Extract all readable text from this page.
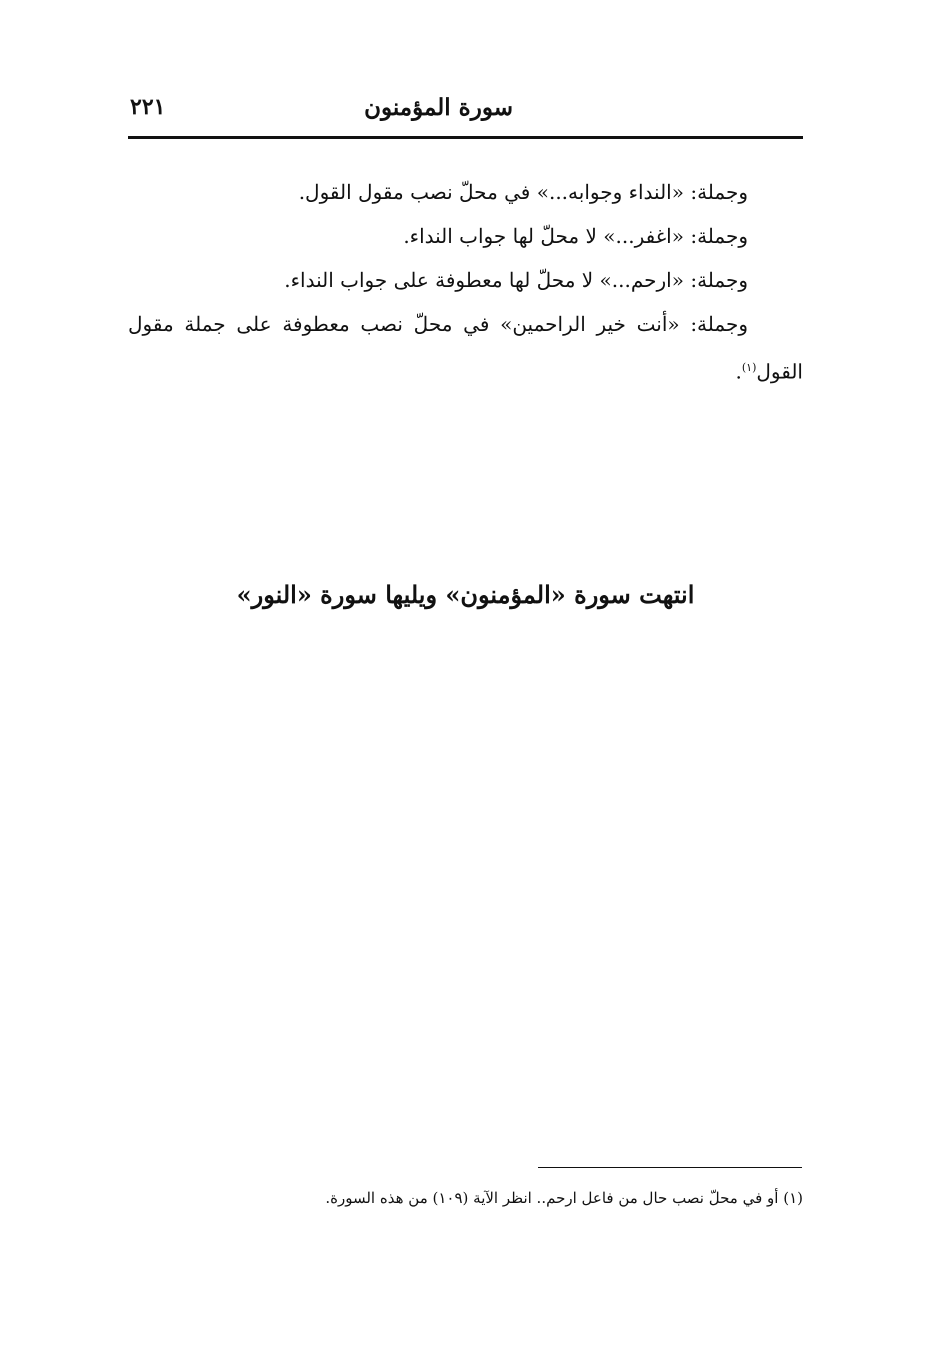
سورة المؤمنون
٢٢١
وجملة: «النداء وجوابه...» في محلّ نصب مقول القول.
وجملة: «اغفر...» لا محلّ لها جواب النداء.
وجملة: «ارحم...» لا محلّ لها معطوفة على جواب النداء.
وجملة: «أنت خير الراحمين» في محلّ نصب معطوفة على جملة مقول
القول$^{(١)}$.
انتهت سورة «المؤمنون» ويليها سورة «النور»
(١) أو في محلّ نصب حال من فاعل ارحم.. انظر الآية (١٠٩) من هذه السورة.
